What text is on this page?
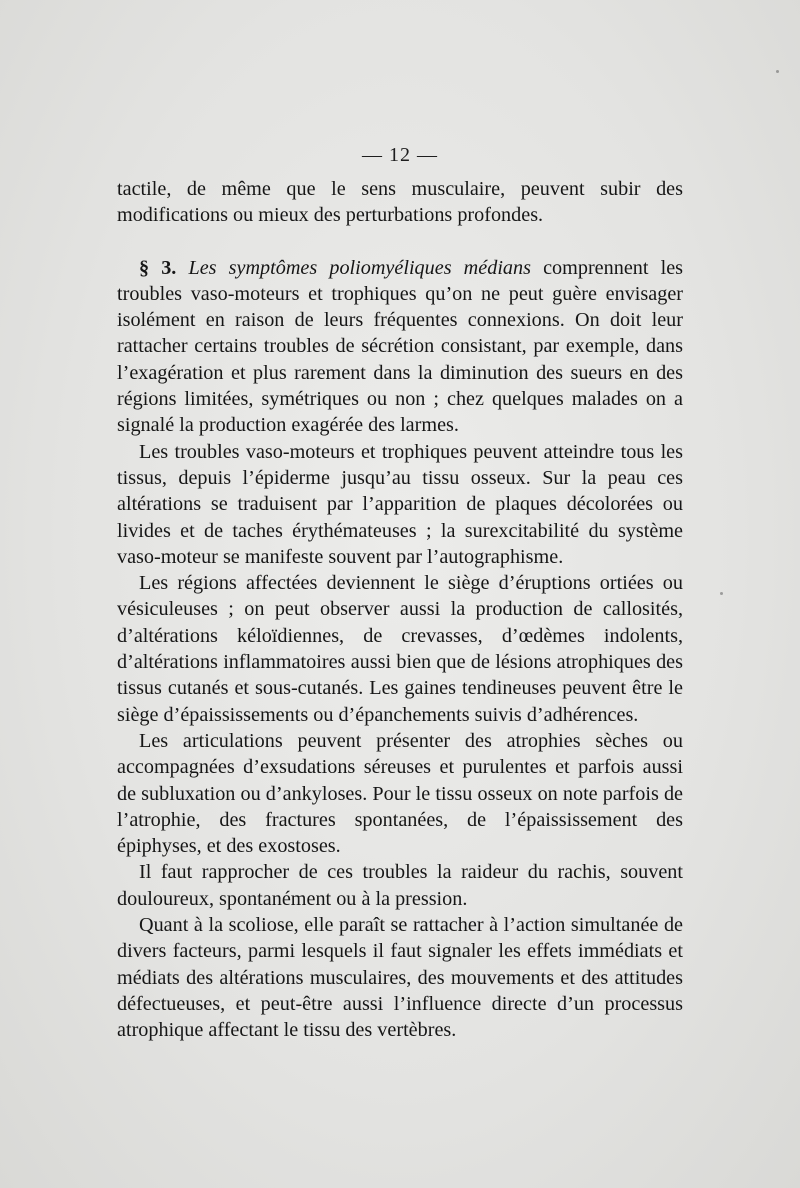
— 12 —

tactile, de même que le sens musculaire, peuvent subir des modifications ou mieux des perturbations profondes.

§ 3. Les symptômes poliomyéliques médians comprennent les troubles vaso-moteurs et trophiques qu’on ne peut guère envisager isolément en raison de leurs fréquentes connexions. On doit leur rattacher certains troubles de sécrétion consistant, par exemple, dans l’exagération et plus rarement dans la diminution des sueurs en des régions limitées, symétriques ou non ; chez quelques malades on a signalé la production exagérée des larmes.

Les troubles vaso-moteurs et trophiques peuvent atteindre tous les tissus, depuis l’épiderme jusqu’au tissu osseux. Sur la peau ces altérations se traduisent par l’apparition de plaques décolorées ou livides et de taches érythémateuses ; la surexcitabilité du système vaso-moteur se manifeste souvent par l’autographisme.

Les régions affectées deviennent le siège d’éruptions ortiées ou vésiculeuses ; on peut observer aussi la production de callosités, d’altérations kéloïdiennes, de crevasses, d’œdèmes indolents, d’altérations inflammatoires aussi bien que de lésions atrophiques des tissus cutanés et sous-cutanés. Les gaines tendineuses peuvent être le siège d’épaississements ou d’épanchements suivis d’adhérences.

Les articulations peuvent présenter des atrophies sèches ou accompagnées d’exsudations séreuses et purulentes et parfois aussi de subluxation ou d’ankyloses. Pour le tissu osseux on note parfois de l’atrophie, des fractures spontanées, de l’épaississement des épiphyses, et des exostoses.

Il faut rapprocher de ces troubles la raideur du rachis, souvent douloureux, spontanément ou à la pression.

Quant à la scoliose, elle paraît se rattacher à l’action simultanée de divers facteurs, parmi lesquels il faut signaler les effets immédiats et médiats des altérations musculaires, des mouvements et des attitudes défectueuses, et peut-être aussi l’influence directe d’un processus atrophique affectant le tissu des vertèbres.
